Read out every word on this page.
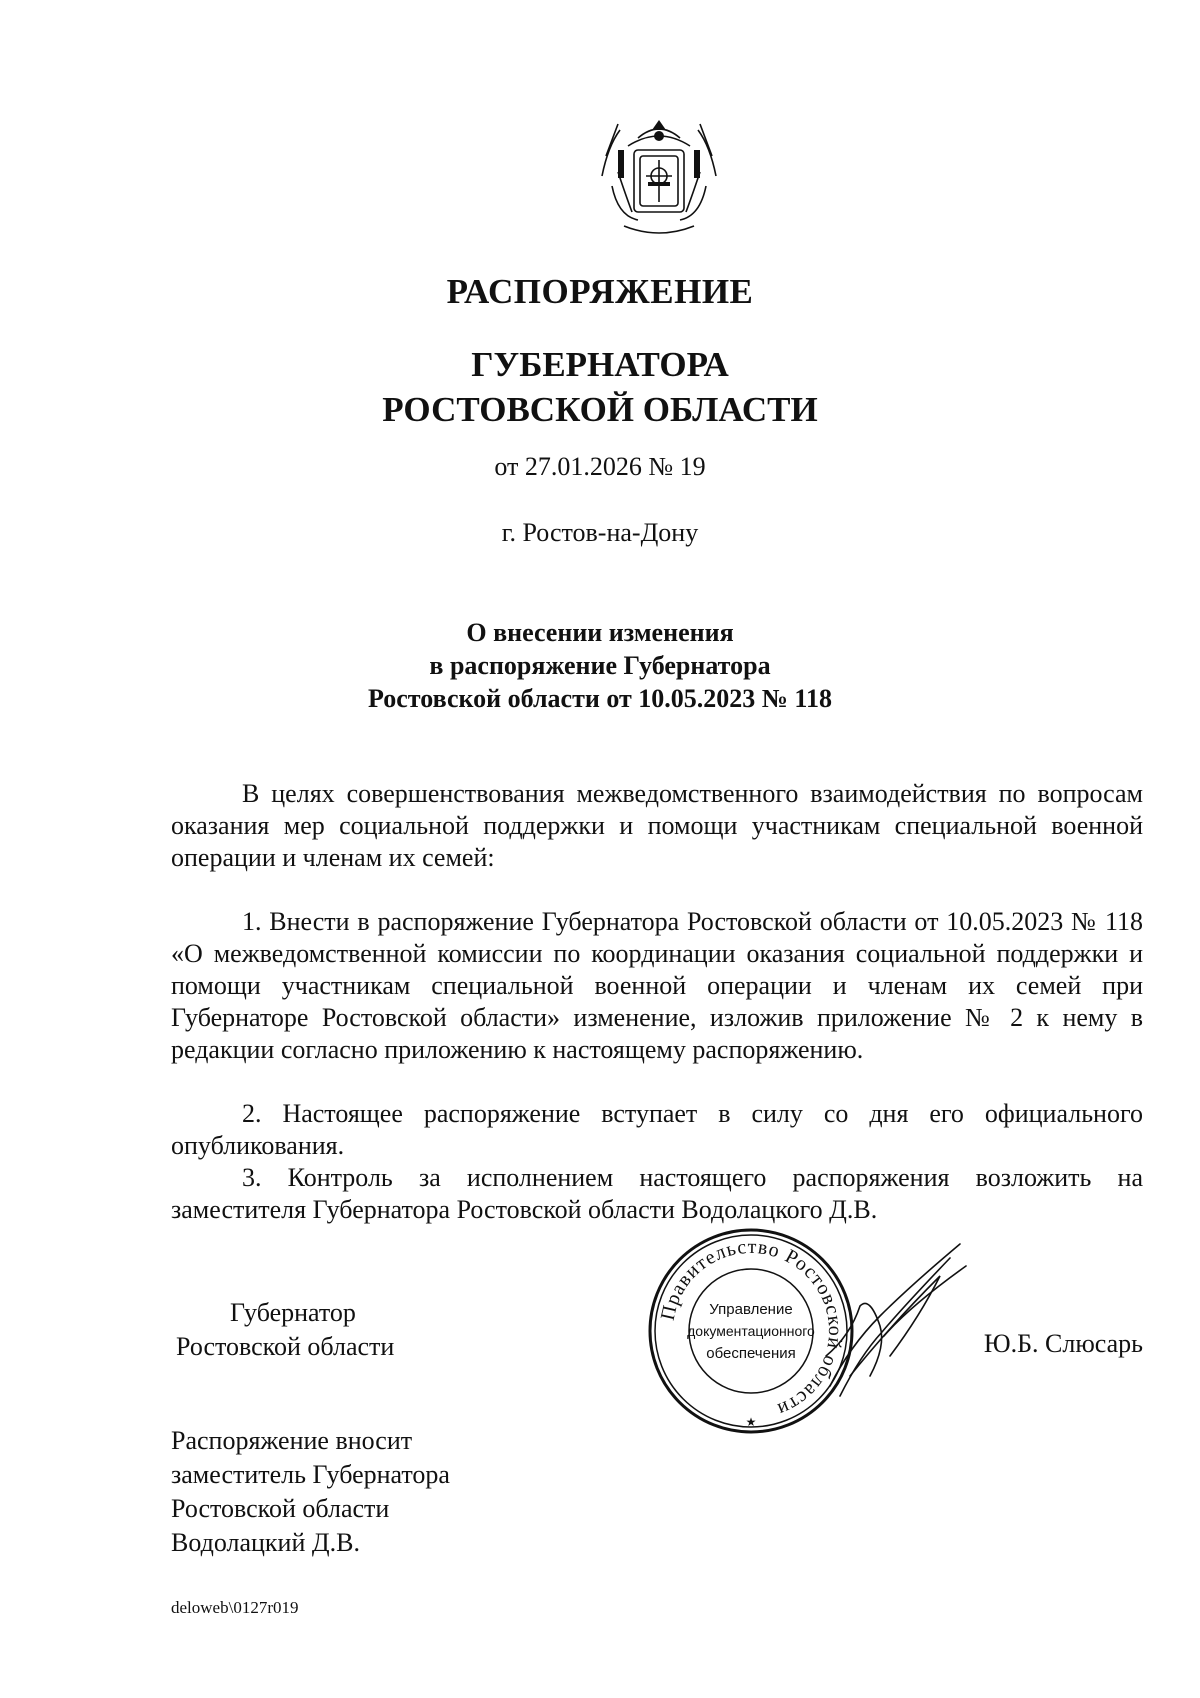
РАСПОРЯЖЕНИЕ
ГУБЕРНАТОРА
РОСТОВСКОЙ ОБЛАСТИ

от 27.01.2026 № 19

г. Ростов-на-Дону

О внесении изменения
в распоряжение Губернатора
Ростовской области от 10.05.2023 № 118

В целях совершенствования межведомственного взаимодействия по вопросам оказания мер социальной поддержки и помощи участникам специальной военной операции и членам их семей:

1. Внести в распоряжение Губернатора Ростовской области от 10.05.2023 № 118 «О межведомственной комиссии по координации оказания социальной поддержки и помощи участникам специальной военной операции и членам их семей при Губернаторе Ростовской области» изменение, изложив приложение № 2 к нему в редакции согласно приложению к настоящему распоряжению.

2. Настоящее распоряжение вступает в силу со дня его официального опубликования.

3. Контроль за исполнением настоящего распоряжения возложить на заместителя Губернатора Ростовской области Водолацкого Д.В.

Губернатор
Ростовской области
Правительство Ростовской области
Управление
документационного
обеспечения
★
Ю.Б. Слюсарь
Распоряжение вносит
заместитель Губернатора
Ростовской области
Водолацкий Д.В.
deloweb\0127r019
